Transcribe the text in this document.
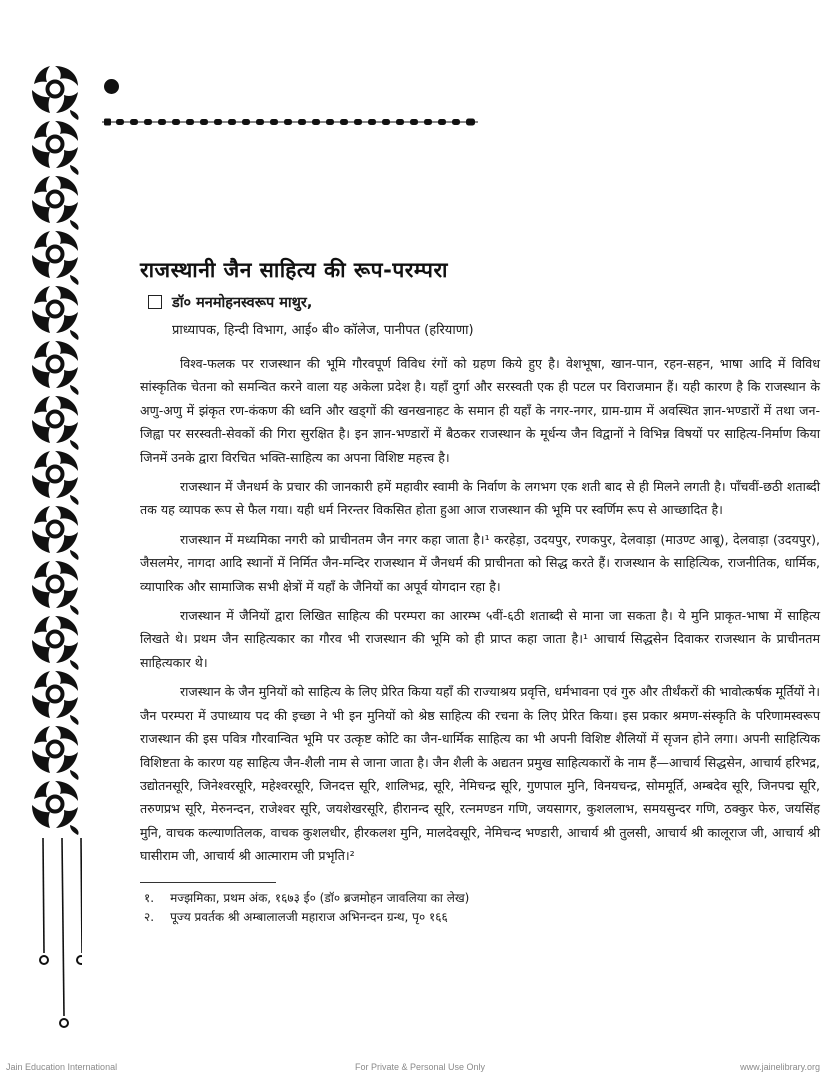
राजस्थानी जैन साहित्य की रूप-परम्परा
डॉ० मनमोहनस्वरूप माथुर,
प्राध्यापक, हिन्दी विभाग, आई० बी० कॉलेज, पानीपत (हरियाणा)

विश्व-फलक पर राजस्थान की भूमि गौरवपूर्ण विविध रंगों को ग्रहण किये हुए है। वेशभूषा, खान-पान, रहन-सहन, भाषा आदि में विविध सांस्कृतिक चेतना को समन्वित करने वाला यह अकेला प्रदेश है। यहाँ दुर्गा और सरस्वती एक ही पटल पर विराजमान हैं। यही कारण है कि राजस्थान के अणु-अणु में झंकृत रण-कंकण की ध्वनि और खड्गों की खनखनाहट के समान ही यहाँ के नगर-नगर, ग्राम-ग्राम में अवस्थित ज्ञान-भण्डारों में तथा जन-जिह्वा पर सरस्वती-सेवकों की गिरा सुरक्षित है। इन ज्ञान-भण्डारों में बैठकर राजस्थान के मूर्धन्य जैन विद्वानों ने विभिन्न विषयों पर साहित्य-निर्माण किया जिनमें उनके द्वारा विरचित भक्ति-साहित्य का अपना विशिष्ट महत्त्व है।

राजस्थान में जैनधर्म के प्रचार की जानकारी हमें महावीर स्वामी के निर्वाण के लगभग एक शती बाद से ही मिलने लगती है। पाँचवीं-छठी शताब्दी तक यह व्यापक रूप से फैल गया। यही धर्म निरन्तर विकसित होता हुआ आज राजस्थान की भूमि पर स्वर्णिम रूप से आच्छादित है।

राजस्थान में मध्यमिका नगरी को प्राचीनतम जैन नगर कहा जाता है।¹ करहेड़ा, उदयपुर, रणकपुर, देलवाड़ा (माउण्ट आबू), देलवाड़ा (उदयपुर), जैसलमेर, नागदा आदि स्थानों में निर्मित जैन-मन्दिर राजस्थान में जैनधर्म की प्राचीनता को सिद्ध करते हैं। राजस्थान के साहित्यिक, राजनीतिक, धार्मिक, व्यापारिक और सामाजिक सभी क्षेत्रों में यहाँ के जैनियों का अपूर्व योगदान रहा है।

राजस्थान में जैनियों द्वारा लिखित साहित्य की परम्परा का आरम्भ ५वीं-६ठी शताब्दी से माना जा सकता है। ये मुनि प्राकृत-भाषा में साहित्य लिखते थे। प्रथम जैन साहित्यकार का गौरव भी राजस्थान की भूमि को ही प्राप्त कहा जाता है।¹ आचार्य सिद्धसेन दिवाकर राजस्थान के प्राचीनतम साहित्यकार थे।

राजस्थान के जैन मुनियों को साहित्य के लिए प्रेरित किया यहाँ की राज्याश्रय प्रवृत्ति, धर्मभावना एवं गुरु और तीर्थंकरों की भावोत्कर्षक मूर्तियों ने। जैन परम्परा में उपाध्याय पद की इच्छा ने भी इन मुनियों को श्रेष्ठ साहित्य की रचना के लिए प्रेरित किया। इस प्रकार श्रमण-संस्कृति के परिणामस्वरूप राजस्थान की इस पवित्र गौरवान्वित भूमि पर उत्कृष्ट कोटि का जैन-धार्मिक साहित्य का भी अपनी विशिष्ट शैलियों में सृजन होने लगा। अपनी साहित्यिक विशिष्टता के कारण यह साहित्य जैन-शैली नाम से जाना जाता है। जैन शैली के अद्यतन प्रमुख साहित्यकारों के नाम हैं—आचार्य सिद्धसेन, आचार्य हरिभद्र, उद्योतनसूरि, जिनेश्वरसूरि, महेश्वरसूरि, जिनदत्त सूरि, शालिभद्र, सूरि, नेमिचन्द्र सूरि, गुणपाल मुनि, विनयचन्द्र, सोममूर्ति, अम्बदेव सूरि, जिनपद्म सूरि, तरुणप्रभ सूरि, मेरुनन्दन, राजेश्वर सूरि, जयशेखरसूरि, हीरानन्द सूरि, रत्नमण्डन गणि, जयसागर, कुशललाभ, समयसुन्दर गणि, ठक्कुर फेरु, जयसिंह मुनि, वाचक कल्याणतिलक, वाचक कुशलधीर, हीरकलश मुनि, मालदेवसूरि, नेमिचन्द भण्डारी, आचार्य श्री तुलसी, आचार्य श्री कालूराज जी, आचार्य श्री घासीराम जी, आचार्य श्री आत्माराम जी प्रभृति।²

१. मज्झमिका, प्रथम अंक, १६७३ ई० (डॉ० ब्रजमोहन जावलिया का लेख)
२. पूज्य प्रवर्तक श्री अम्बालालजी महाराज अभिनन्दन ग्रन्थ, पृ० १६६
Jain Education International	For Private & Personal Use Only	www.jainelibrary.org
